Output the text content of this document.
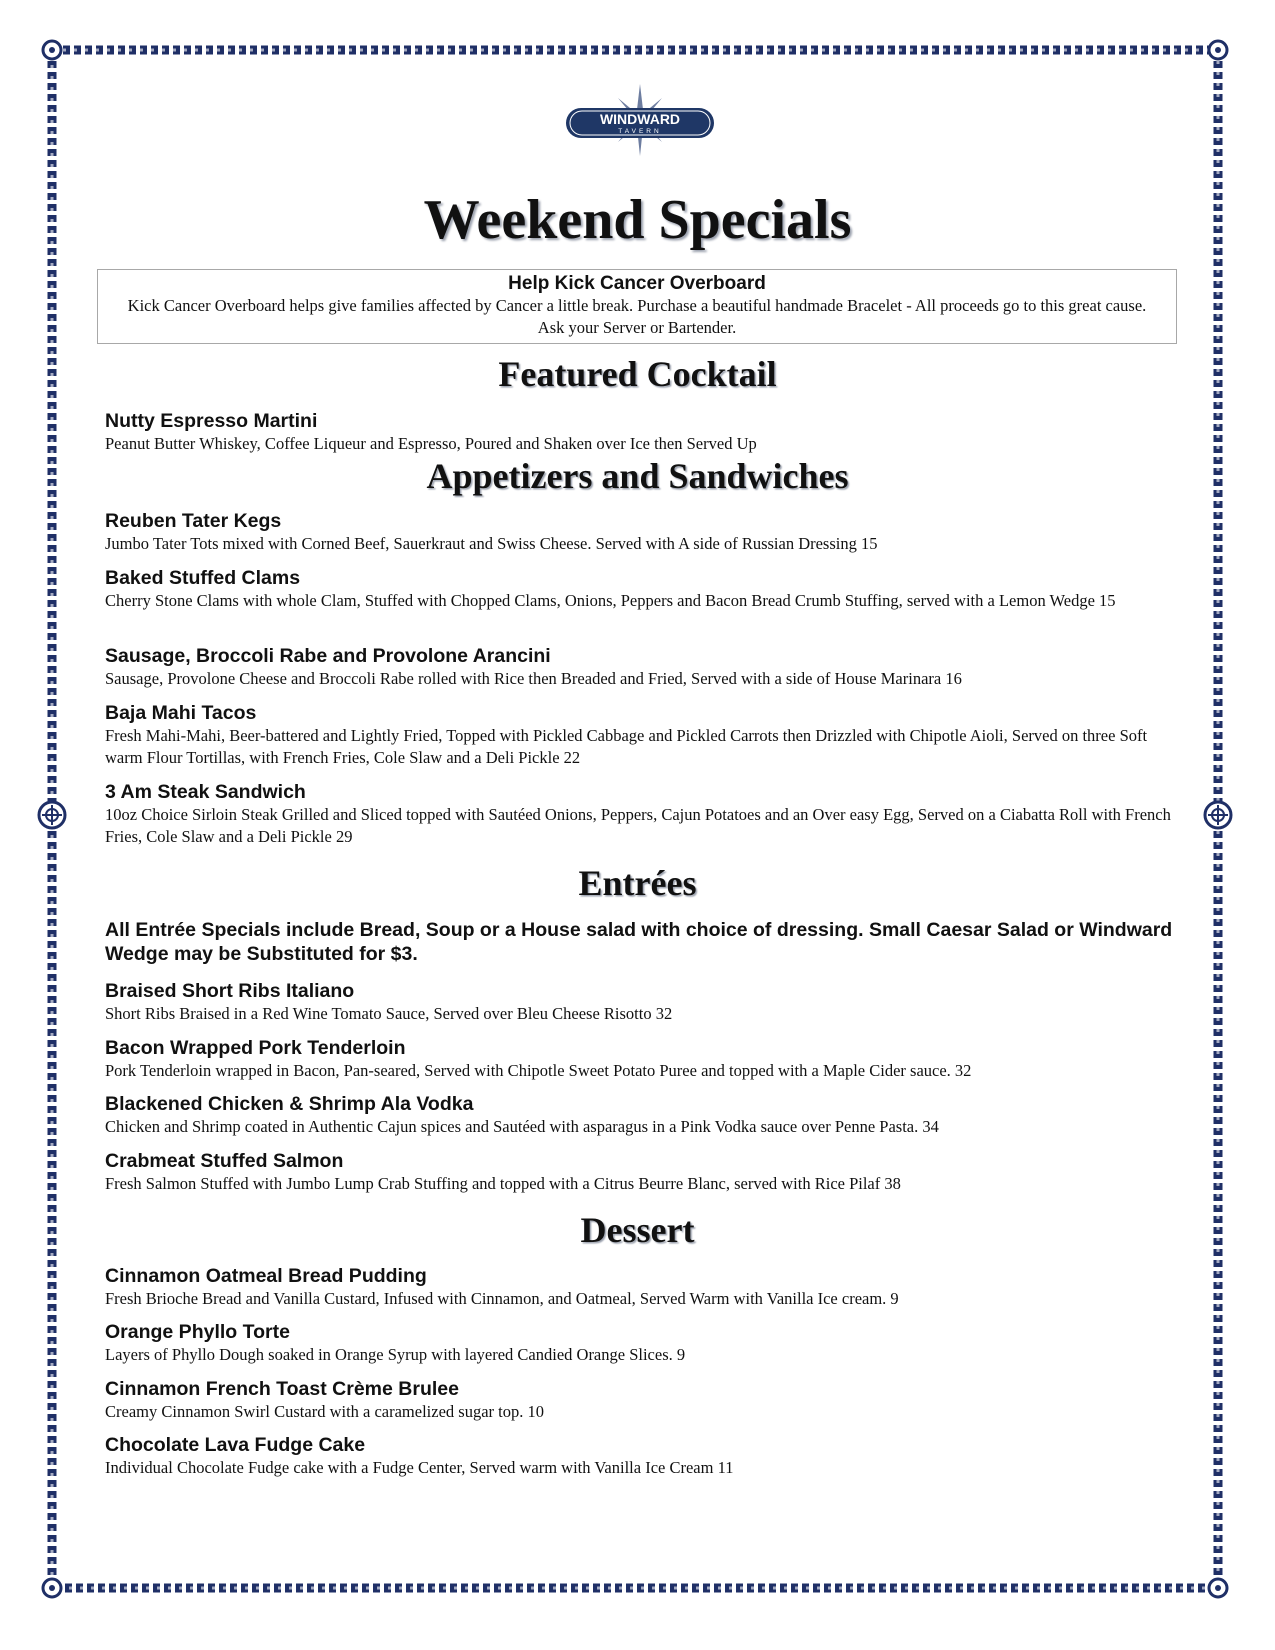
WINDWARD
TAVERN
Weekend Specials
Help Kick Cancer Overboard
Kick Cancer Overboard helps give families affected by Cancer a little break. Purchase a beautiful handmade Bracelet - All proceeds go to this great cause. Ask your Server or Bartender.
Featured Cocktail
Nutty Espresso Martini
Peanut Butter Whiskey, Coffee Liqueur and Espresso, Poured and Shaken over Ice then Served Up
Appetizers and Sandwiches
Reuben Tater Kegs
Jumbo Tater Tots mixed with Corned Beef, Sauerkraut and Swiss Cheese. Served with A side of Russian Dressing 15
Baked Stuffed Clams
Cherry Stone Clams with whole Clam, Stuffed with Chopped Clams, Onions, Peppers and Bacon Bread Crumb Stuffing, served with a Lemon Wedge 15
Sausage, Broccoli Rabe and Provolone Arancini
Sausage, Provolone Cheese and Broccoli Rabe rolled with Rice then Breaded and Fried, Served with a side of House Marinara 16
Baja Mahi Tacos
Fresh Mahi-Mahi, Beer-battered and Lightly Fried, Topped with Pickled Cabbage and Pickled Carrots then Drizzled with Chipotle Aioli, Served on three Soft warm Flour Tortillas, with French Fries, Cole Slaw and a Deli Pickle 22
3 Am Steak Sandwich
10oz Choice Sirloin Steak Grilled and Sliced topped with Sautéed Onions, Peppers, Cajun Potatoes and an Over easy Egg, Served on a Ciabatta Roll with French Fries, Cole Slaw and a Deli Pickle 29
Entrées
All Entrée Specials include Bread, Soup or a House salad with choice of dressing. Small Caesar Salad or Windward Wedge may be Substituted for $3.
Braised Short Ribs Italiano
Short Ribs Braised in a Red Wine Tomato Sauce, Served over Bleu Cheese Risotto 32
Bacon Wrapped Pork Tenderloin
Pork Tenderloin wrapped in Bacon, Pan-seared, Served with Chipotle Sweet Potato Puree and topped with a Maple Cider sauce. 32
Blackened Chicken & Shrimp Ala Vodka
Chicken and Shrimp coated in Authentic Cajun spices and Sautéed with asparagus in a Pink Vodka sauce over Penne Pasta. 34
Crabmeat Stuffed Salmon
Fresh Salmon Stuffed with Jumbo Lump Crab Stuffing and topped with a Citrus Beurre Blanc, served with Rice Pilaf 38
Dessert
Cinnamon Oatmeal Bread Pudding
Fresh Brioche Bread and Vanilla Custard, Infused with Cinnamon, and Oatmeal, Served Warm with Vanilla Ice cream. 9
Orange Phyllo Torte
Layers of Phyllo Dough soaked in Orange Syrup with layered Candied Orange Slices. 9
Cinnamon French Toast Crème Brulee
Creamy Cinnamon Swirl Custard with a caramelized sugar top. 10
Chocolate Lava Fudge Cake
Individual Chocolate Fudge cake with a Fudge Center, Served warm with Vanilla Ice Cream 11
